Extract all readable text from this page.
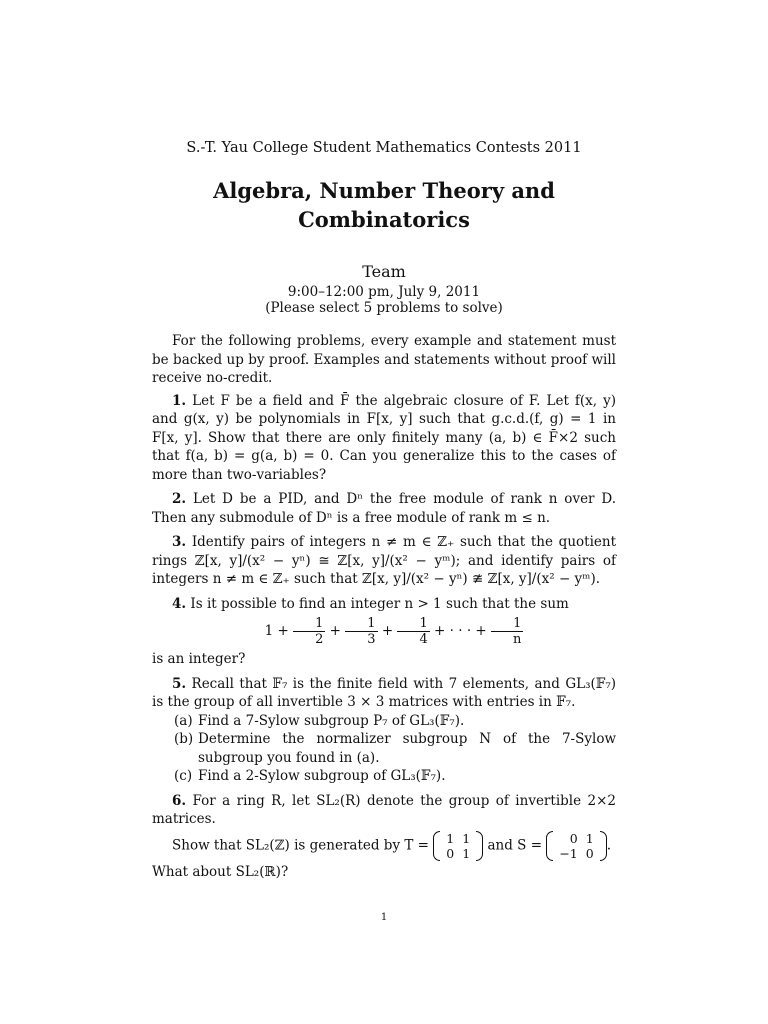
S.-T. Yau College Student Mathematics Contests 2011
Algebra, Number Theory and
Combinatorics
Team
9:00–12:00 pm, July 9, 2011
(Please select 5 problems to solve)

For the following problems, every example and statement must be backed up by proof. Examples and statements without proof will receive no-credit.

1. Let F be a field and F̄ the algebraic closure of F. Let f(x, y) and g(x, y) be polynomials in F[x, y] such that g.c.d.(f, g) = 1 in F[x, y]. Show that there are only finitely many (a, b) ∈ F̄×2 such that f(a, b) = g(a, b) = 0. Can you generalize this to the cases of more than two-variables?

2. Let D be a PID, and Dⁿ the free module of rank n over D. Then any submodule of Dⁿ is a free module of rank m ≤ n.

3. Identify pairs of integers n ≠ m ∈ ℤ₊ such that the quotient rings ℤ[x, y]/(x² − yⁿ) ≅ ℤ[x, y]/(x² − yᵐ); and identify pairs of integers n ≠ m ∈ ℤ₊ such that ℤ[x, y]/(x² − yⁿ) ≇ ℤ[x, y]/(x² − yᵐ).

4. Is it possible to find an integer n > 1 such that the sum
$1 + \frac{1}{2} + \frac{1}{3} + \frac{1}{4}$ + · · · + $\frac{1}{n}$
is an integer?
5. Recall that 𝔽₇ is the finite field with 7 elements, and GL₃(𝔽₇) is the group of all invertible 3 × 3 matrices with entries in 𝔽₇.
(a) Find a 7-Sylow subgroup P₇ of GL₃(𝔽₇).
(b) Determine the normalizer subgroup N of the 7-Sylow subgroup you found in (a).
(c) Find a 2-Sylow subgroup of GL₃(𝔽₇).
6. For a ring R, let SL₂(R) denote the group of invertible 2×2 matrices.
Show that SL₂(ℤ) is generated by T = 1	1
0	1 and S = 0	1
−1	0 .
What about SL₂(ℝ)?
1
